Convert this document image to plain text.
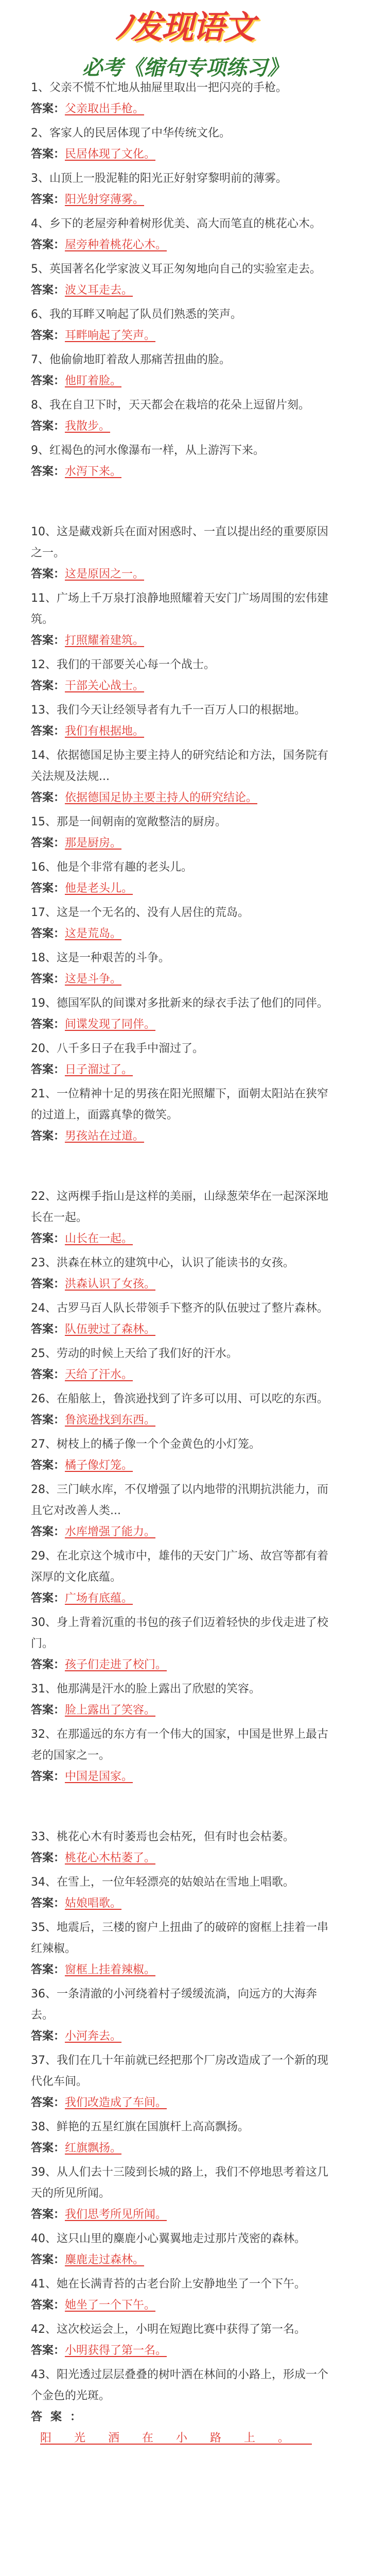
ﾉ发现语文
必考《缩句专项练习》

1、父亲不慌不忙地从抽屉里取出一把闪亮的手枪。

答案：父亲取出手枪。

2、客家人的民居体现了中华传统文化。

答案：民居体现了文化。

3、山顶上一股泥鞋的阳光正好射穿黎明前的薄雾。

答案：阳光射穿薄雾。

4、乡下的老屋旁种着树形优美、高大而笔直的桃花心木。

答案：屋旁种着桃花心木。

5、英国著名化学家波义耳正匆匆地向自己的实验室走去。

答案：波义耳走去。

6、我的耳畔又响起了队员们熟悉的笑声。

答案：耳畔响起了笑声。

7、他偷偷地盯着敌人那痛苦扭曲的脸。

答案：他盯着脸。

8、我在自卫下时，天天都会在栽培的花朵上逗留片刻。

答案：我散步。

9、红褐色的河水像瀑布一样，从上游泻下来。

答案：水泻下来。

10、这是藏戏新兵在面对困惑时、一直以提出经的重要原因之一。

答案：这是原因之一。

11、广场上千万泉打浪静地照耀着天安门广场周围的宏伟建筑。

答案：打照耀着建筑。

12、我们的干部要关心每一个战士。

答案：干部关心战士。

13、我们今天让经领导者有九千一百万人口的根据地。

答案：我们有根据地。

14、依据德国足协主要主持人的研究结论和方法，国务院有关法规及法规...

答案：依据德国足协主要主持人的研究结论。

15、那是一间朝南的宽敞整洁的厨房。

答案：那是厨房。

16、他是个非常有趣的老头儿。

答案：他是老头儿。

17、这是一个无名的、没有人居住的荒岛。

答案：这是荒岛。

18、这是一种艰苦的斗争。

答案：这是斗争。

19、德国军队的间谍对多批新来的绿衣手法了他们的同伴。

答案：间谍发现了同伴。

20、八千多日子在我手中溜过了。

答案：日子溜过了。

21、一位精神十足的男孩在阳光照耀下，面朝太阳站在狭窄的过道上，面露真挚的微笑。

答案：男孩站在过道。

22、这两棵手指山是这样的美丽，山绿葱荣华在一起深深地长在一起。

答案：山长在一起。

23、洪森在林立的建筑中心，认识了能读书的女孩。

答案：洪森认识了女孩。

24、古罗马百人队长带领手下整齐的队伍驶过了整片森林。

答案：队伍驶过了森林。

25、劳动的时候上天给了我们好的汗水。

答案：天给了汗水。

26、在船舷上，鲁滨逊找到了许多可以用、可以吃的东西。

答案：鲁滨逊找到东西。

27、树枝上的橘子像一个个金黄色的小灯笼。

答案：橘子像灯笼。

28、三门峡水库，不仅增强了以内地带的汛期抗洪能力，而且它对改善人类...

答案：水库增强了能力。

29、在北京这个城市中，雄伟的天安门广场、故宫等都有着深厚的文化底蕴。

答案：广场有底蕴。

30、身上背着沉重的书包的孩子们迈着轻快的步伐走进了校门。

答案：孩子们走进了校门。

31、他那满是汗水的脸上露出了欣慰的笑容。

答案：脸上露出了笑容。

32、在那遥远的东方有一个伟大的国家，中国是世界上最古老的国家之一。

答案：中国是国家。

33、桃花心木有时萎焉也会枯死，但有时也会枯萎。

答案：桃花心木枯萎了。

34、在雪上，一位年轻漂亮的姑娘站在雪地上唱歌。

答案：姑娘唱歌。

35、地震后，三楼的窗户上扭曲了的破碎的窗框上挂着一串红辣椒。

答案：窗框上挂着辣椒。

36、一条清澈的小河绕着村子缓缓流淌，向远方的大海奔去。

答案：小河奔去。

37、我们在几十年前就已经把那个厂房改造成了一个新的现代化车间。

答案：我们改造成了车间。

38、鲜艳的五星红旗在国旗杆上高高飘扬。

答案：红旗飘扬。

39、从人们去十三陵到长城的路上，我们不停地思考着这几天的所见所闻。

答案：我们思考所见所闻。

40、这只山里的麋鹿小心翼翼地走过那片茂密的森林。

答案：麋鹿走过森林。

41、她在长满青苔的古老台阶上安静地坐了一个下午。

答案：她坐了一个下午。

42、这次校运会上，小明在短跑比赛中获得了第一名。

答案：小明获得了第一名。

43、阳光透过层层叠叠的树叶洒在林间的小路上，形成一个个金色的光斑。

答案：阳光洒在小路上。
